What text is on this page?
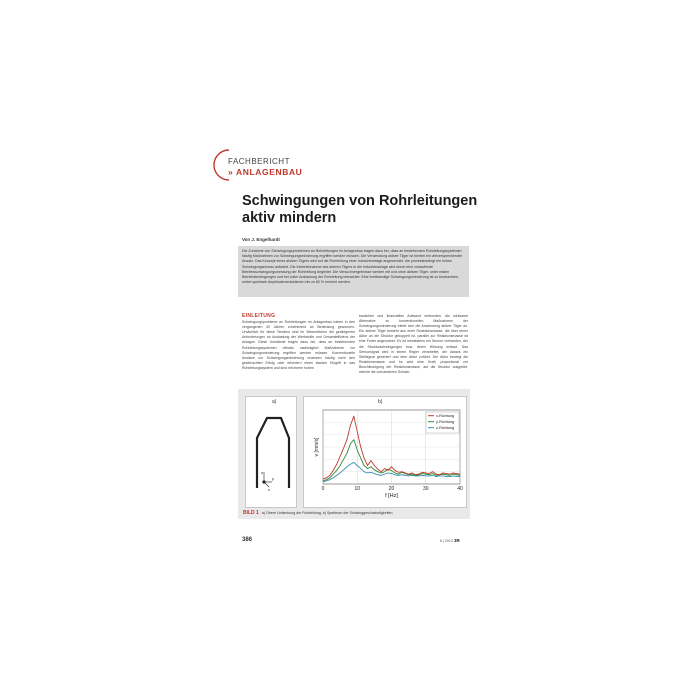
FACHBERICHT
» ANLAGENBAU
Schwingungen von Rohrleitungen aktiv mindern
Von J. Engelhardt

Die Zunahme von Schwingungsproblemen an Rohrleitungen im Anlagenbau tragen dazu bei, dass an bestehenden Rohrleitungssystemen häufig Maßnahmen zur Schwingungsminderung ergriffen werden müssen. Die Verwendung aktiver Tilger ist hierbei ein vielversprechender Ansatz. Das Konzept eines aktiven Tilgers wird auf die Rohrleitung einer Industrieanlage angewendet, die prozessbedingt ein hohes Schwingungsniveau aufweist. Die Inbetriebnahme des aktiven Tilgers in der Industrieanlage wird durch eine vorlaufende Betriebsschwingungsmessung der Rohrleitung begleitet. Die Versuchsergebnisse werden mit und ohne aktiven Tilger, unter realen Betriebsbedingungen und bei voller Auslastung der Rohrleitung betrachtet. Eine breitbandige Schwingungsminderung ist zu beobachten, wobei spektrale Amplitudenreduktionen bis zu 60 % erreicht werden.

EINLEITUNG
Schwingungsprobleme an Rohrleitungen im Anlagenbau haben in den vergangenen 30 Jahren zunehmend an Bedeutung gewonnen. Ursächlich für diese Tendenz sind im Wesentlichen die gestiegenen Anforderungen an Auslastung der Werkstoffe und Gesamteffizienz der Anlagen. Diese Umstände tragen dazu bei, dass an bestehenden Rohrleitungssystemen oftmals nachträglich Maßnahmen zur Schwingungsminderung ergriffen werden müssen. Konventionelle Ansätze zur Schwingungsminderung erweisen häufig nicht den gewünschten Erfolg oder erfordern einen starken Eingriff in das Rohrleitungssystem und sind mit einem hohen
baulichen und finanziellen Aufwand verbunden. Als wirksame Alternative zu konventionellen Maßnahmen der Schwingungsminderung bietet sich die Anwendung aktiver Tilger an. Ein aktiver Tilger besteht aus einer Reaktionsmasse, die über einen Aktor an die Struktur gekoppelt ist, parallel zur Reaktionsmasse ist eine Feder angeordnet. Es ist mindestens ein Sensor vorhanden, der die Strukturschwingungen bzw. deren Wirkung erfasst. Das Sensorsignal wird in einem Regler verarbeitet, der daraus ein Stellsignal generiert und dem Aktor zuführt. Der Aktor bewegt die Reaktionsmasse und es wird eine Kraft, proportional zur Beschleunigung der Reaktionsmasse, auf die Struktur ausgeübt, welche die vorhandenen Schwin-
a)	b)
z
y
x	0	10	20	30	40
f [Hz]
v [mm/s]
x-Richtung
y-Richtung
z-Richtung
BILD 1 a) Obere Umlenkung der Rohrleitung, b) Spektrum der Schwinggeschwindigkeiten
386	6 | 2013 3R
